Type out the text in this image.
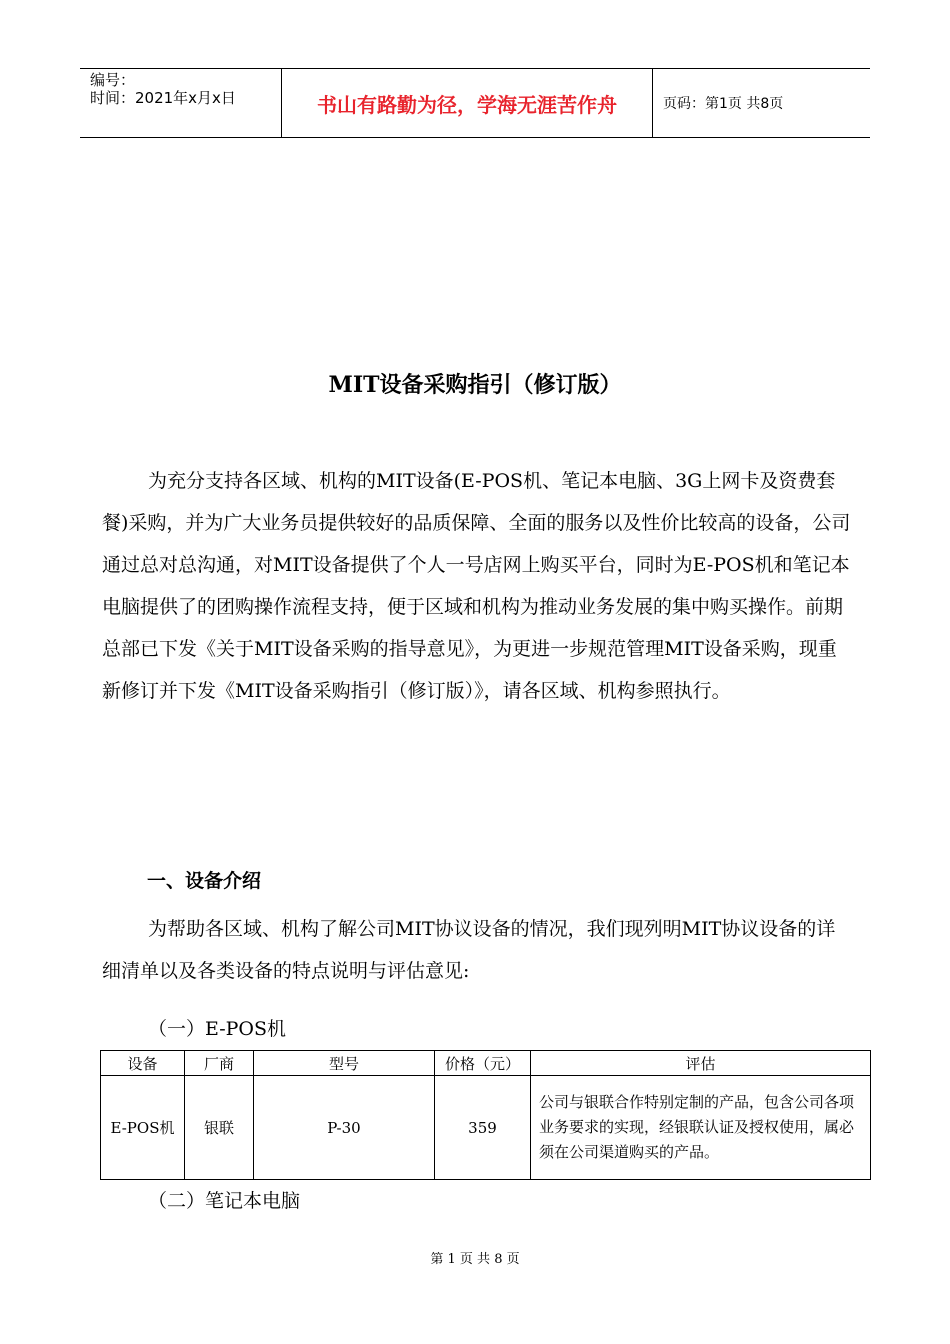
编号：
时间：2021年x月x日	书山有路勤为径，学海无涯苦作舟	页码：第1页 共8页
MIT设备采购指引（修订版）

为充分支持各区域、机构的MIT设备(E-POS机、笔记本电脑、3G上网卡及资费套餐)采购，并为广大业务员提供较好的品质保障、全面的服务以及性价比较高的设备，公司通过总对总沟通，对MIT设备提供了个人一号店网上购买平台，同时为E-POS机和笔记本电脑提供了的团购操作流程支持，便于区域和机构为推动业务发展的集中购买操作。前期总部已下发《关于MIT设备采购的指导意见》，为更进一步规范管理MIT设备采购，现重新修订并下发《MIT设备采购指引（修订版）》，请各区域、机构参照执行。

一、设备介绍

为帮助各区域、机构了解公司MIT协议设备的情况，我们现列明MIT协议设备的详细清单以及各类设备的特点说明与评估意见:

（一）E-POS机
设备	厂商	型号	价格（元）	评估
E-POS机	银联	P-30	359	公司与银联合作特别定制的产品，包含公司各项业务要求的实现，经银联认证及授权使用，属必须在公司渠道购买的产品。
（二）笔记本电脑
第 1 页 共 8 页
